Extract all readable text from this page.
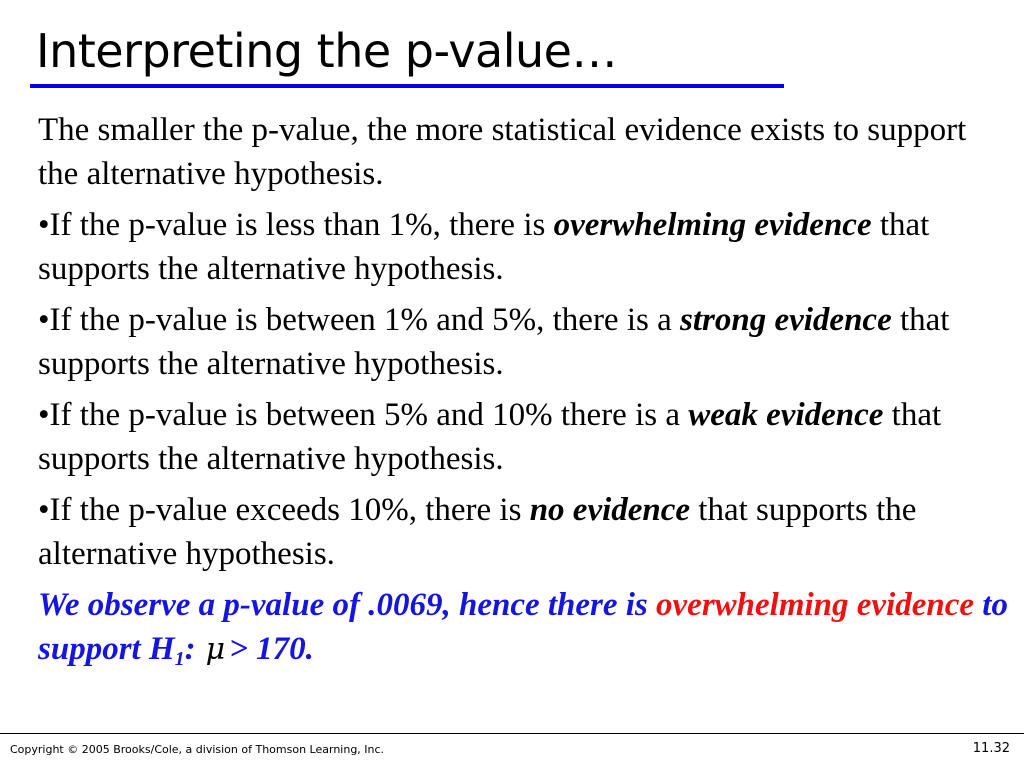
Interpreting the p-value…

The smaller the p-value, the more statistical evidence exists to support the alternative hypothesis.

•If the p-value is less than 1%, there is overwhelming evidence that supports the alternative hypothesis.

•If the p-value is between 1% and 5%, there is a strong evidence that supports the alternative hypothesis.

•If the p-value is between 5% and 10% there is a weak evidence that supports the alternative hypothesis.

•If the p-value exceeds 10%, there is no evidence that supports the alternative hypothesis.

We observe a p-value of .0069, hence there is overwhelming evidence to support $H_1$: μ > 170.

Copyright © 2005 Brooks/Cole, a division of Thomson Learning, Inc.	11.32
